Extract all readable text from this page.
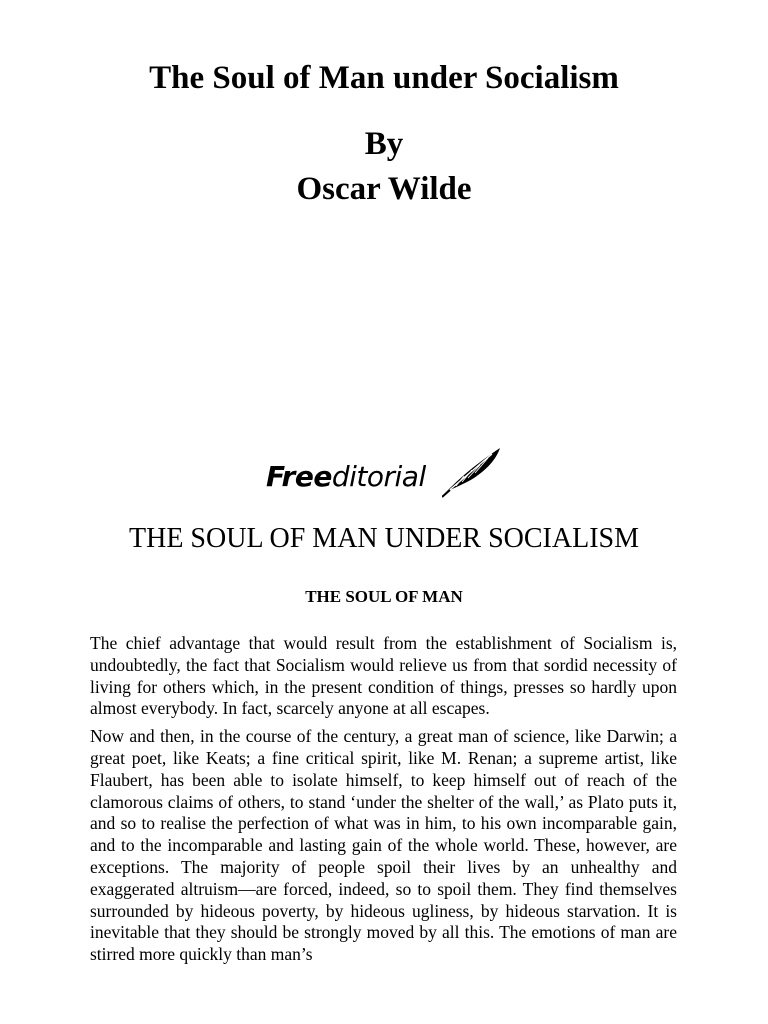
The Soul of Man under Socialism
By
Oscar Wilde
Freeditorial
THE SOUL OF MAN UNDER SOCIALISM
THE SOUL OF MAN

The chief advantage that would result from the establishment of Socialism is, undoubtedly, the fact that Socialism would relieve us from that sordid necessity of living for others which, in the present condition of things, presses so hardly upon almost everybody. In fact, scarcely anyone at all escapes.

Now and then, in the course of the century, a great man of science, like Darwin; a great poet, like Keats; a fine critical spirit, like M. Renan; a supreme artist, like Flaubert, has been able to isolate himself, to keep himself out of reach of the clamorous claims of others, to stand ‘under the shelter of the wall,’ as Plato puts it, and so to realise the perfection of what was in him, to his own incomparable gain, and to the incomparable and lasting gain of the whole world. These, however, are exceptions. The majority of people spoil their lives by an unhealthy and exaggerated altruism—are forced, indeed, so to spoil them. They find themselves surrounded by hideous poverty, by hideous ugliness, by hideous starvation. It is inevitable that they should be strongly moved by all this. The emotions of man are stirred more quickly than man’s
